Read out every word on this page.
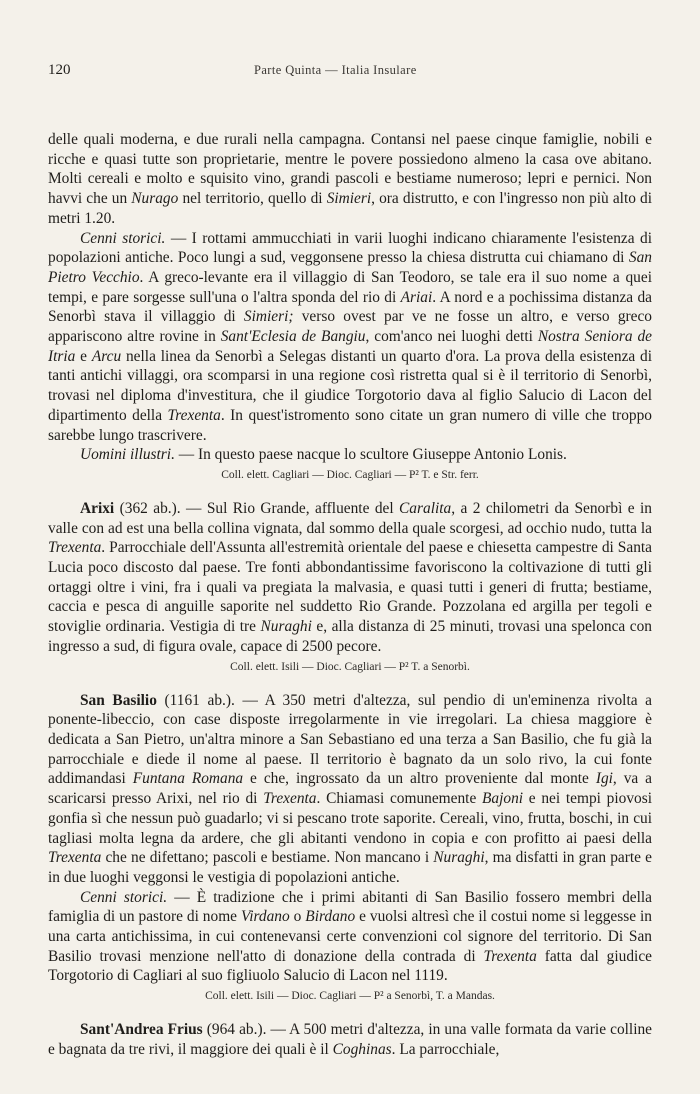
120	Parte Quinta — Italia Insulare

delle quali moderna, e due rurali nella campagna. Contansi nel paese cinque famiglie, nobili e ricche e quasi tutte son proprietarie, mentre le povere possiedono almeno la casa ove abitano. Molti cereali e molto e squisito vino, grandi pascoli e bestiame numeroso; lepri e pernici. Non havvi che un Nurago nel territorio, quello di Simieri, ora distrutto, e con l'ingresso non più alto di metri 1.20.

Cenni storici. — I rottami ammucchiati in varii luoghi indicano chiaramente l'esistenza di popolazioni antiche. Poco lungi a sud, veggonsene presso la chiesa distrutta cui chiamano di San Pietro Vecchio. A greco-levante era il villaggio di San Teodoro, se tale era il suo nome a quei tempi, e pare sorgesse sull'una o l'altra sponda del rio di Ariai. A nord e a pochissima distanza da Senorbì stava il villaggio di Simieri; verso ovest par ve ne fosse un altro, e verso greco appariscono altre rovine in Sant'Eclesia de Bangiu, com'anco nei luoghi detti Nostra Seniora de Itria e Arcu nella linea da Senorbì a Selegas distanti un quarto d'ora. La prova della esistenza di tanti antichi villaggi, ora scomparsi in una regione così ristretta qual si è il territorio di Senorbì, trovasi nel diploma d'investitura, che il giudice Torgotorio dava al figlio Salucio di Lacon del dipartimento della Trexenta. In quest'istromento sono citate un gran numero di ville che troppo sarebbe lungo trascrivere.

Uomini illustri. — In questo paese nacque lo scultore Giuseppe Antonio Lonis.

Coll. elett. Cagliari — Dioc. Cagliari — P² T. e Str. ferr.

Arixi (362 ab.). — Sul Rio Grande, affluente del Caralita, a 2 chilometri da Senorbì e in valle con ad est una bella collina vignata, dal sommo della quale scorgesi, ad occhio nudo, tutta la Trexenta. Parrocchiale dell'Assunta all'estremità orientale del paese e chiesetta campestre di Santa Lucia poco discosto dal paese. Tre fonti abbondantissime favoriscono la coltivazione di tutti gli ortaggi oltre i vini, fra i quali va pregiata la malvasia, e quasi tutti i generi di frutta; bestiame, caccia e pesca di anguille saporite nel suddetto Rio Grande. Pozzolana ed argilla per tegoli e stoviglie ordinaria. Vestigia di tre Nuraghi e, alla distanza di 25 minuti, trovasi una spelonca con ingresso a sud, di figura ovale, capace di 2500 pecore.

Coll. elett. Isili — Dioc. Cagliari — P² T. a Senorbì.

San Basilio (1161 ab.). — A 350 metri d'altezza, sul pendio di un'eminenza rivolta a ponente-libeccio, con case disposte irregolarmente in vie irregolari. La chiesa maggiore è dedicata a San Pietro, un'altra minore a San Sebastiano ed una terza a San Basilio, che fu già la parrocchiale e diede il nome al paese. Il territorio è bagnato da un solo rivo, la cui fonte addimandasi Funtana Romana e che, ingrossato da un altro proveniente dal monte Igi, va a scaricarsi presso Arixi, nel rio di Trexenta. Chiamasi comunemente Bajoni e nei tempi piovosi gonfia sì che nessun può guadarlo; vi si pescano trote saporite. Cereali, vino, frutta, boschi, in cui tagliasi molta legna da ardere, che gli abitanti vendono in copia e con profitto ai paesi della Trexenta che ne difettano; pascoli e bestiame. Non mancano i Nuraghi, ma disfatti in gran parte e in due luoghi veggonsi le vestigia di popolazioni antiche.

Cenni storici. — È tradizione che i primi abitanti di San Basilio fossero membri della famiglia di un pastore di nome Virdano o Birdano e vuolsi altresì che il costui nome si leggesse in una carta antichissima, in cui contenevansi certe convenzioni col signore del territorio. Di San Basilio trovasi menzione nell'atto di donazione della contrada di Trexenta fatta dal giudice Torgotorio di Cagliari al suo figliuolo Salucio di Lacon nel 1119.

Coll. elett. Isili — Dioc. Cagliari — P² a Senorbì, T. a Mandas.

Sant'Andrea Frius (964 ab.). — A 500 metri d'altezza, in una valle formata da varie colline e bagnata da tre rivi, il maggiore dei quali è il Coghinas. La parrocchiale,
